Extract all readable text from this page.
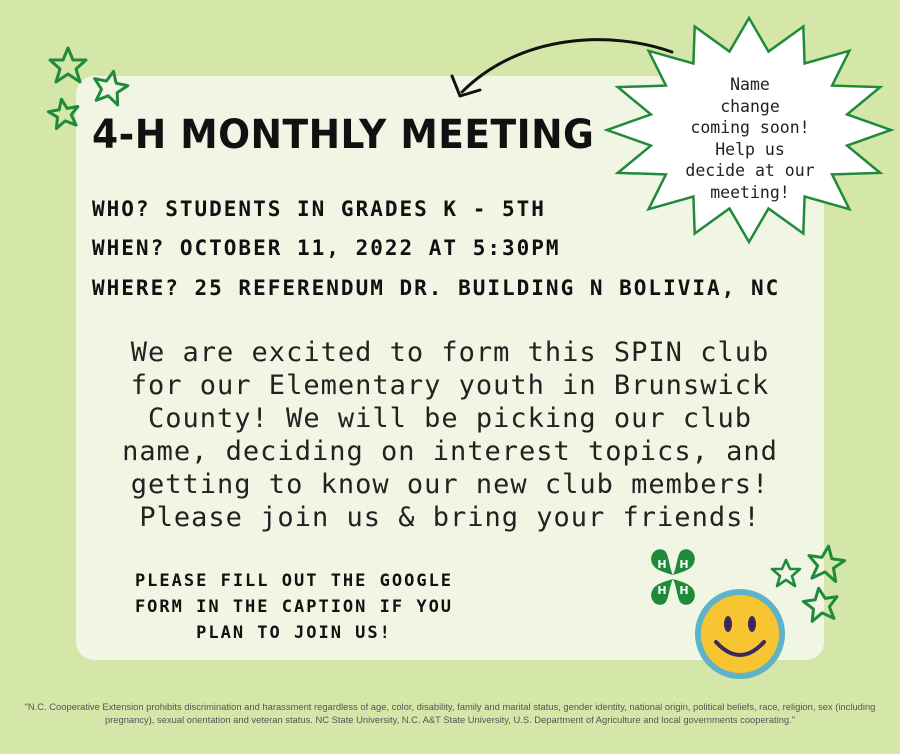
Name
change
coming soon!
Help us
decide at our
meeting!
4-H MONTHLY MEETING
WHO? STUDENTS IN GRADES K - 5TH
WHEN? OCTOBER 11, 2022 AT 5:30PM
WHERE? 25 REFERENDUM DR. BUILDING N BOLIVIA, NC
We are excited to form this SPIN club for our Elementary youth in Brunswick County! We will be picking our club name, deciding on interest topics, and getting to know our new club members! Please join us & bring your friends!
PLEASE FILL OUT THE GOOGLE FORM IN THE CAPTION IF YOU PLAN TO JOIN US!
H H
H H
"N.C. Cooperative Extension prohibits discrimination and harassment regardless of age, color, disability, family and marital status, gender identity, national origin, political beliefs, race, religion, sex (including pregnancy), sexual orientation and veteran status. NC State University, N.C. A&T State University, U.S. Department of Agriculture and local governments cooperating."
